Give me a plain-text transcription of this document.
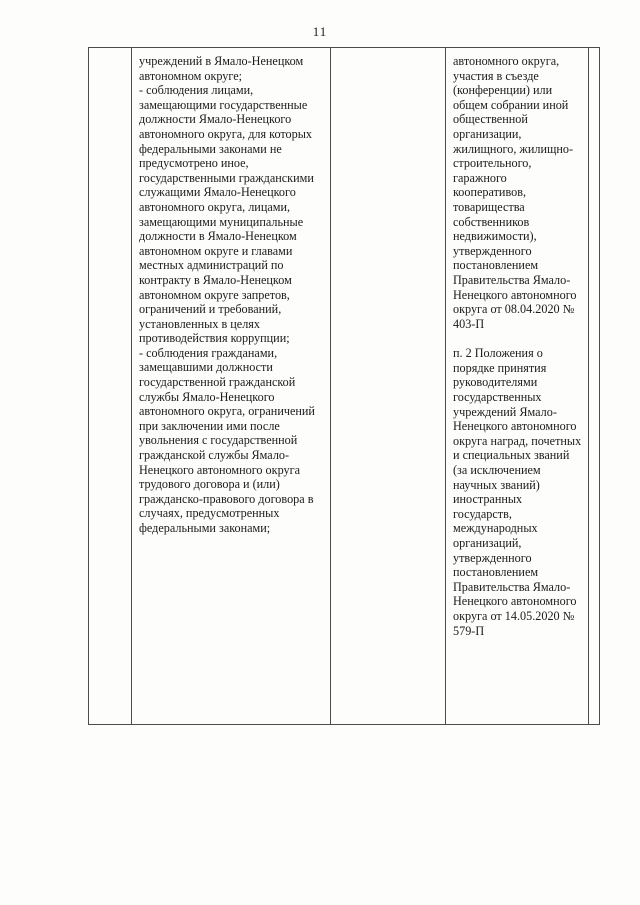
11

учреждений в Ямало-Ненецком автономном округе;

- соблюдения лицами, замещающими государственные должности Ямало-Ненецкого автономного округа, для которых федеральными законами не предусмотрено иное, государственными гражданскими служащими Ямало-Ненецкого автономного округа, лицами, замещающими муниципальные должности в Ямало-Ненецком автономном округе и главами местных администраций по контракту в Ямало-Ненецком автономном округе запретов, ограничений и требований, установленных в целях противодействия коррупции;

- соблюдения гражданами, замещавшими должности государственной гражданской службы Ямало-Ненецкого автономного округа, ограничений при заключении ими после увольнения с государственной гражданской службы Ямало-Ненецкого автономного округа трудового договора и (или) гражданско-правового договора в случаях, предусмотренных федеральными законами;

автономного округа, участия в съезде (конференции) или общем собрании иной общественной организации, жилищного, жилищно-строительного, гаражного кооперативов, товарищества собственников недвижимости), утвержденного постановлением Правительства Ямало-Ненецкого автономного округа от 08.04.2020 № 403-П

п. 2 Положения о порядке принятия руководителями государственных учреждений Ямало-Ненецкого автономного округа наград, почетных и специальных званий (за исключением научных званий) иностранных государств, международных организаций, утвержденного постановлением Правительства Ямало-Ненецкого автономного округа от 14.05.2020 № 579-П
